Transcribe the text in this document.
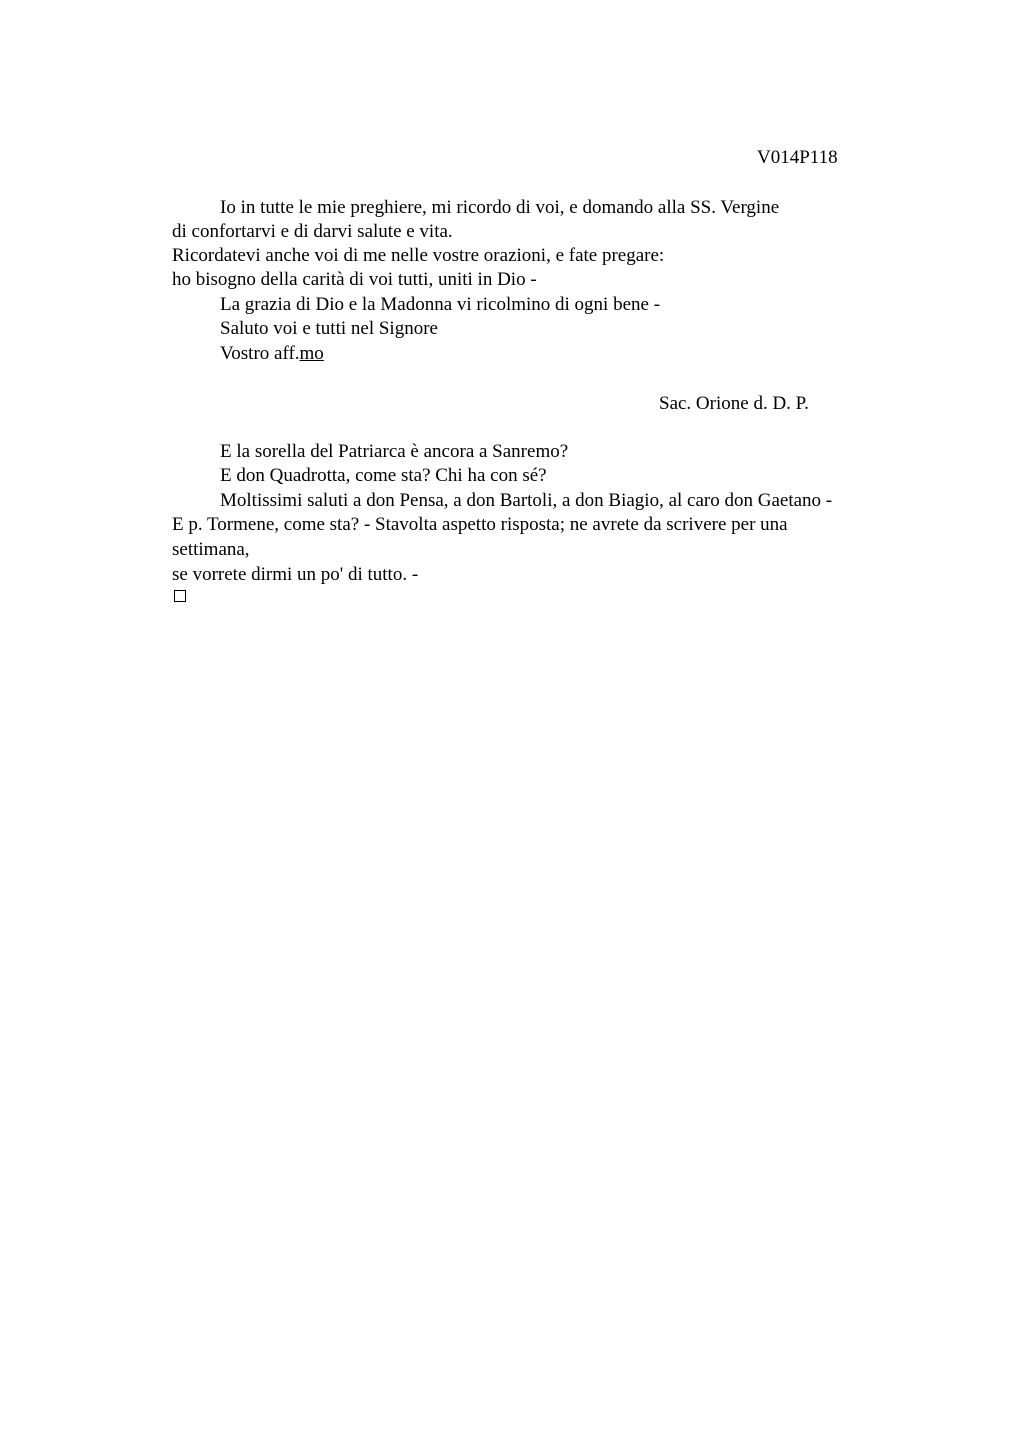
V014P118
Io in tutte le mie preghiere, mi ricordo di voi, e domando alla SS. Vergine
di confortarvi e di darvi salute e vita.
Ricordatevi anche voi di me nelle vostre orazioni, e fate pregare:
ho bisogno della carità di voi tutti, uniti in Dio -
La grazia di Dio e la Madonna vi ricolmino di ogni bene -
Saluto voi e tutti nel Signore
Vostro aff.mo
Sac. Orione d. D. P.
E la sorella del Patriarca è ancora a Sanremo?
E don Quadrotta, come sta? Chi ha con sé?
Moltissimi saluti a don Pensa, a don Bartoli, a don Biagio, al caro don Gaetano -
E p. Tormene, come sta? - Stavolta aspetto risposta; ne avrete da scrivere per una
settimana,
se vorrete dirmi un po' di tutto. -
